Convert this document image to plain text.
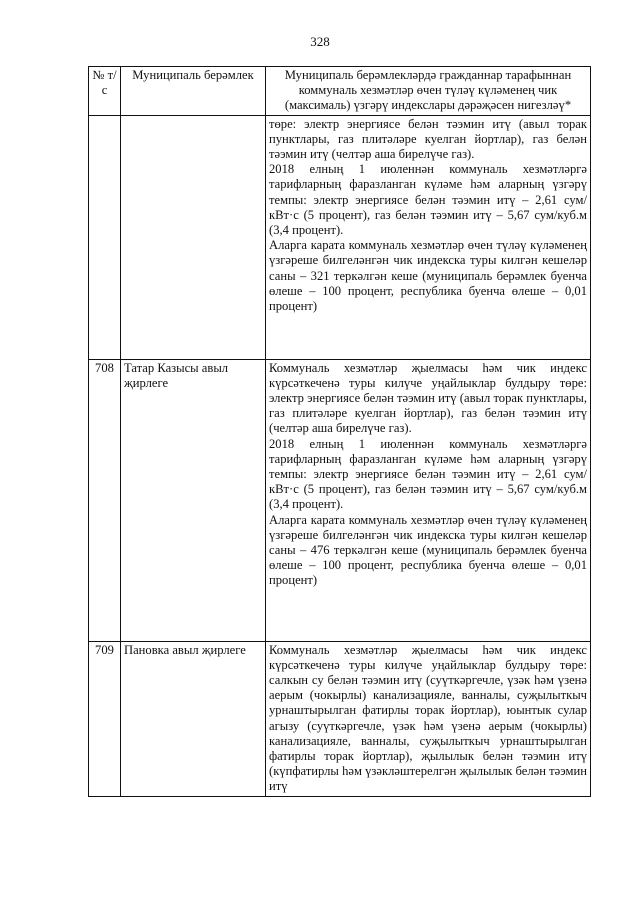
328
№ т/с	Муниципаль берәмлек	Муниципаль берәмлекләрдә гражданнар тарафыннан коммуналь хезмәтләр өчен түләү күләменең чик (максималь) үзгәрү индекслары дәрәҗәсен нигезләү*

		төре: электр энергиясе белән тәэмин итү (авыл торак пунктлары, газ плитәләре куелган йортлар), газ белән тәэмин итү (челтәр аша бирелүче газ).

2018 елның 1 июленнән коммуналь хезмәтләргә тарифларның фаразланган күләме һәм аларның үзгәрү темпы: электр энергиясе белән тәэмин итү – 2,61 сум/кВт·с (5 процент), газ белән тәэмин итү – 5,67 сум/куб.м (3,4 процент).

Аларга карата коммуналь хезмәтләр өчен түләү күләменең үзгәреше билгеләнгән чик индекска туры килгән кешеләр саны – 321 теркәлгән кеше (муниципаль берәмлек буенча өлеше – 100 процент, республика буенча өлеше – 0,01 процент)

708	Татар Казысы авыл җирлеге	Коммуналь хезмәтләр җыелмасы һәм чик индекс күрсәткеченә туры килүче уңайлыклар булдыру төре: электр энергиясе белән тәэмин итү (авыл торак пунктлары, газ плитәләре куелган йортлар), газ белән тәэмин итү (челтәр аша бирелүче газ).

2018 елның 1 июленнән коммуналь хезмәтләргә тарифларның фаразланган күләме һәм аларның үзгәрү темпы: электр энергиясе белән тәэмин итү – 2,61 сум/кВт·с (5 процент), газ белән тәэмин итү – 5,67 сум/куб.м (3,4 процент).

Аларга карата коммуналь хезмәтләр өчен түләү күләменең үзгәреше билгеләнгән чик индекска туры килгән кешеләр саны – 476 теркәлгән кеше (муниципаль берәмлек буенча өлеше – 100 процент, республика буенча өлеше – 0,01 процент)

709	Пановка авыл җирлеге	Коммуналь хезмәтләр җыелмасы һәм чик индекс күрсәткеченә туры килүче уңайлыклар булдыру төре: салкын су белән тәэмин итү (суүткәргечле, үзәк һәм үзенә аерым (чокырлы) канализацияле, ванналы, суҗылыткыч урнаштырылган фатирлы торак йортлар), юынтык сулар агызу (суүткәргечле, үзәк һәм үзенә аерым (чокырлы) канализацияле, ванналы, суҗылыткыч урнаштырылган фатирлы торак йортлар), җылылык белән тәэмин итү (күпфатирлы һәм үзәкләштерелгән җылылык белән тәэмин итү
